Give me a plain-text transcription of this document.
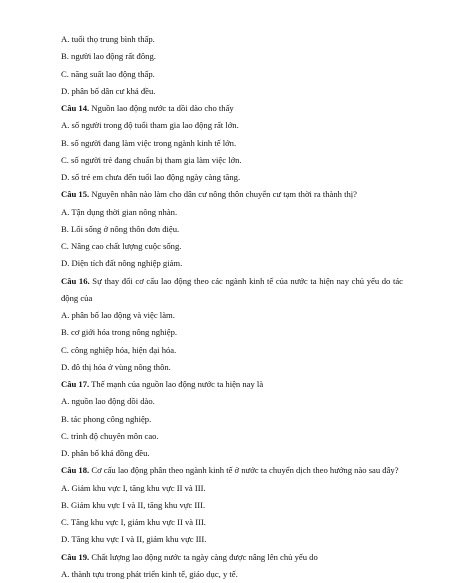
A. tuổi thọ trung bình thấp.
B. người lao động rất đông.
C. năng suất lao động thấp.
D. phân bố dân cư khá đều.
Câu 14. Nguồn lao động nước ta dồi dào cho thấy
A. số người trong độ tuổi tham gia lao động rất lớn.
B. số người đang làm việc trong ngành kinh tế lớn.
C. số người trẻ đang chuẩn bị tham gia làm việc lớn.
D. số trẻ em chưa đến tuổi lao động ngày càng tăng.
Câu 15. Nguyên nhân nào làm cho dân cư nông thôn chuyển cư tạm thời ra thành thị?
A. Tận dụng thời gian nông nhàn.
B. Lối sống ở nông thôn đơn điệu.
C. Nâng cao chất lượng cuộc sống.
D. Diện tích đất nông nghiệp giảm.
Câu 16. Sự thay đổi cơ cấu lao động theo các ngành kinh tế của nước ta hiện nay chủ yếu do tác động của
A. phân bố lao động và việc làm.
B. cơ giới hóa trong nông nghiệp.
C. công nghiệp hóa, hiện đại hóa.
D. đô thị hóa ở vùng nông thôn.
Câu 17. Thế mạnh của nguồn lao động nước ta hiện nay là
A. nguồn lao động dồi dào.
B. tác phong công nghiệp.
C. trình độ chuyên môn cao.
D. phân bố khá đồng đều.
Câu 18. Cơ cấu lao động phân theo ngành kinh tế ở nước ta chuyển dịch theo hướng nào sau đây?
A. Giảm khu vực I, tăng khu vực II và III.
B. Giảm khu vực I và II, tăng khu vực III.
C. Tăng khu vực I, giảm khu vực II và III.
D. Tăng khu vực I và II, giảm khu vực III.
Câu 19. Chất lượng lao động nước ta ngày càng được nâng lên chủ yếu do
A. thành tựu trong phát triển kinh tế, giáo dục, y tế.
